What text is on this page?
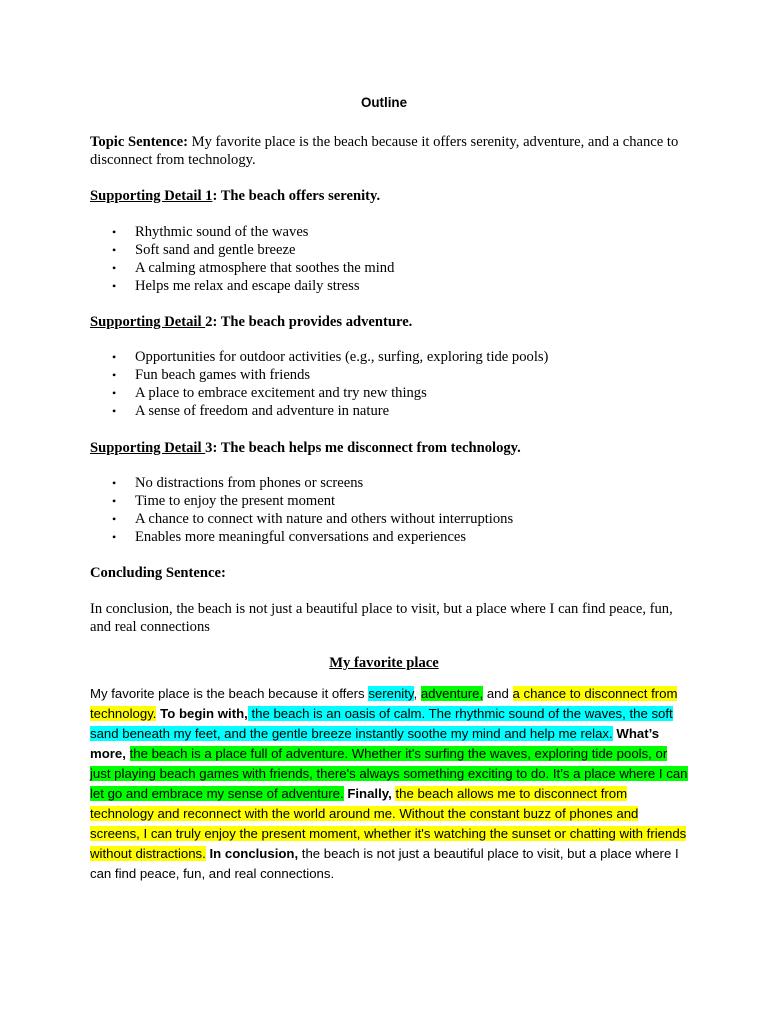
Outline
Topic Sentence: My favorite place is the beach because it offers serenity, adventure, and a chance to disconnect from technology.
Supporting Detail 1: The beach offers serenity.
• Rhythmic sound of the waves
• Soft sand and gentle breeze
• A calming atmosphere that soothes the mind
• Helps me relax and escape daily stress
Supporting Detail 2: The beach provides adventure.
• Opportunities for outdoor activities (e.g., surfing, exploring tide pools)
• Fun beach games with friends
• A place to embrace excitement and try new things
• A sense of freedom and adventure in nature
Supporting Detail 3: The beach helps me disconnect from technology.
• No distractions from phones or screens
• Time to enjoy the present moment
• A chance to connect with nature and others without interruptions
• Enables more meaningful conversations and experiences
Concluding Sentence:
In conclusion, the beach is not just a beautiful place to visit, but a place where I can find peace, fun, and real connections
My favorite place
My favorite place is the beach because it offers serenity, adventure, and a chance to disconnect from technology. To begin with, the beach is an oasis of calm. The rhythmic sound of the waves, the soft sand beneath my feet, and the gentle breeze instantly soothe my mind and help me relax. What’s more, the beach is a place full of adventure. Whether it's surfing the waves, exploring tide pools, or just playing beach games with friends, there's always something exciting to do. It’s a place where I can let go and embrace my sense of adventure. Finally, the beach allows me to disconnect from technology and reconnect with the world around me. Without the constant buzz of phones and screens, I can truly enjoy the present moment, whether it's watching the sunset or chatting with friends without distractions. In conclusion, the beach is not just a beautiful place to visit, but a place where I can find peace, fun, and real connections.
